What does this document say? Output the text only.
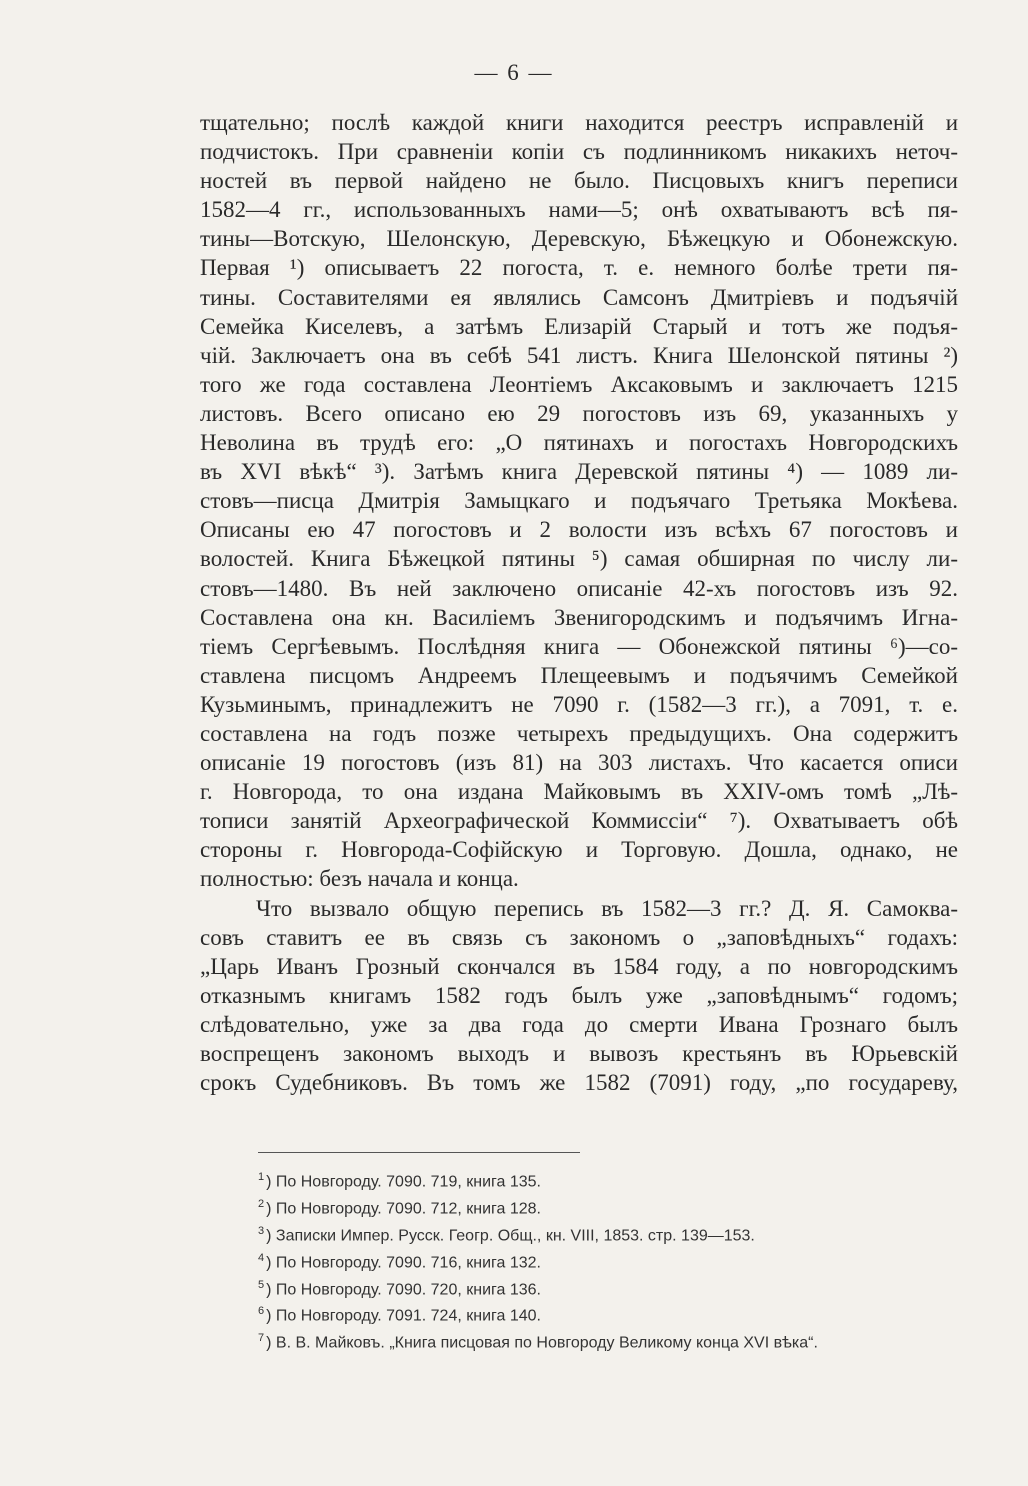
— 6 —
тщательно; послѣ каждой книги находится реестръ исправленій и
подчистокъ. При сравненіи копіи съ подлинникомъ никакихъ неточ-
ностей въ первой найдено не было. Писцовыхъ книгъ переписи
1582—4 гг., использованныхъ нами—5; онѣ охватываютъ всѣ пя-
тины—Вотскую, Шелонскую, Деревскую, Бѣжецкую и Обонежскую.
Первая ¹) описываетъ 22 погоста, т. е. немного болѣе трети пя-
тины. Составителями ея являлись Самсонъ Дмитріевъ и подъячій
Семейка Киселевъ, а затѣмъ Елизарій Старый и тотъ же подъя-
чій. Заключаетъ она въ себѣ 541 листъ. Книга Шелонской пятины ²)
того же года составлена Леонтіемъ Аксаковымъ и заключаетъ 1215
листовъ. Всего описано ею 29 погостовъ изъ 69, указанныхъ у
Неволина въ трудѣ его: „О пятинахъ и погостахъ Новгородскихъ
въ XVI вѣкѣ“ ³). Затѣмъ книга Деревской пятины ⁴) — 1089 ли-
стовъ—писца Дмитрія Замыцкаго и подъячаго Третьяка Мокѣева.
Описаны ею 47 погостовъ и 2 волости изъ всѣхъ 67 погостовъ и
волостей. Книга Бѣжецкой пятины ⁵) самая обширная по числу ли-
стовъ—1480. Въ ней заключено описаніе 42-хъ погостовъ изъ 92.
Составлена она кн. Василіемъ Звенигородскимъ и подъячимъ Игна-
тіемъ Сергѣевымъ. Послѣдняя книга — Обонежской пятины ⁶)—со-
ставлена писцомъ Андреемъ Плещеевымъ и подъячимъ Семейкой
Кузьминымъ, принадлежитъ не 7090 г. (1582—3 гг.), а 7091, т. е.
составлена на годъ позже четырехъ предыдущихъ. Она содержитъ
описаніе 19 погостовъ (изъ 81) на 303 листахъ. Что касается описи
г. Новгорода, то она издана Майковымъ въ XXIV-омъ томѣ „Лѣ-
тописи занятій Археографической Коммиссіи“ ⁷). Охватываетъ обѣ
стороны г. Новгорода-Софійскую и Торговую. Дошла, однако, не
полностью: безъ начала и конца.
Что вызвало общую перепись въ 1582—3 гг.? Д. Я. Самоква-
совъ ставитъ ее въ связь съ закономъ о „заповѣдныхъ“ годахъ:
„Царь Иванъ Грозный скончался въ 1584 году, а по новгородскимъ
отказнымъ книгамъ 1582 годъ былъ уже „заповѣднымъ“ годомъ;
слѣдовательно, уже за два года до смерти Ивана Грознаго былъ
воспрещенъ закономъ выходъ и вывозъ крестьянъ въ Юрьевскій
срокъ Судебниковъ. Въ томъ же 1582 (7091) году, „по государеву,
$^1$ ) По Новгороду. 7090. 719, книга 135.
$^2$ ) По Новгороду. 7090. 712, книга 128.
$^3$ ) Записки Импер. Русск. Геогр. Общ., кн. VIII, 1853. стр. 139—153.
$^4$ ) По Новгороду. 7090. 716, книга 132.
$^5$ ) По Новгороду. 7090. 720, книга 136.
$^6$ ) По Новгороду. 7091. 724, книга 140.
$^7$ ) В. В. Майковъ. „Книга писцовая по Новгороду Великому конца XVI вѣка“.
